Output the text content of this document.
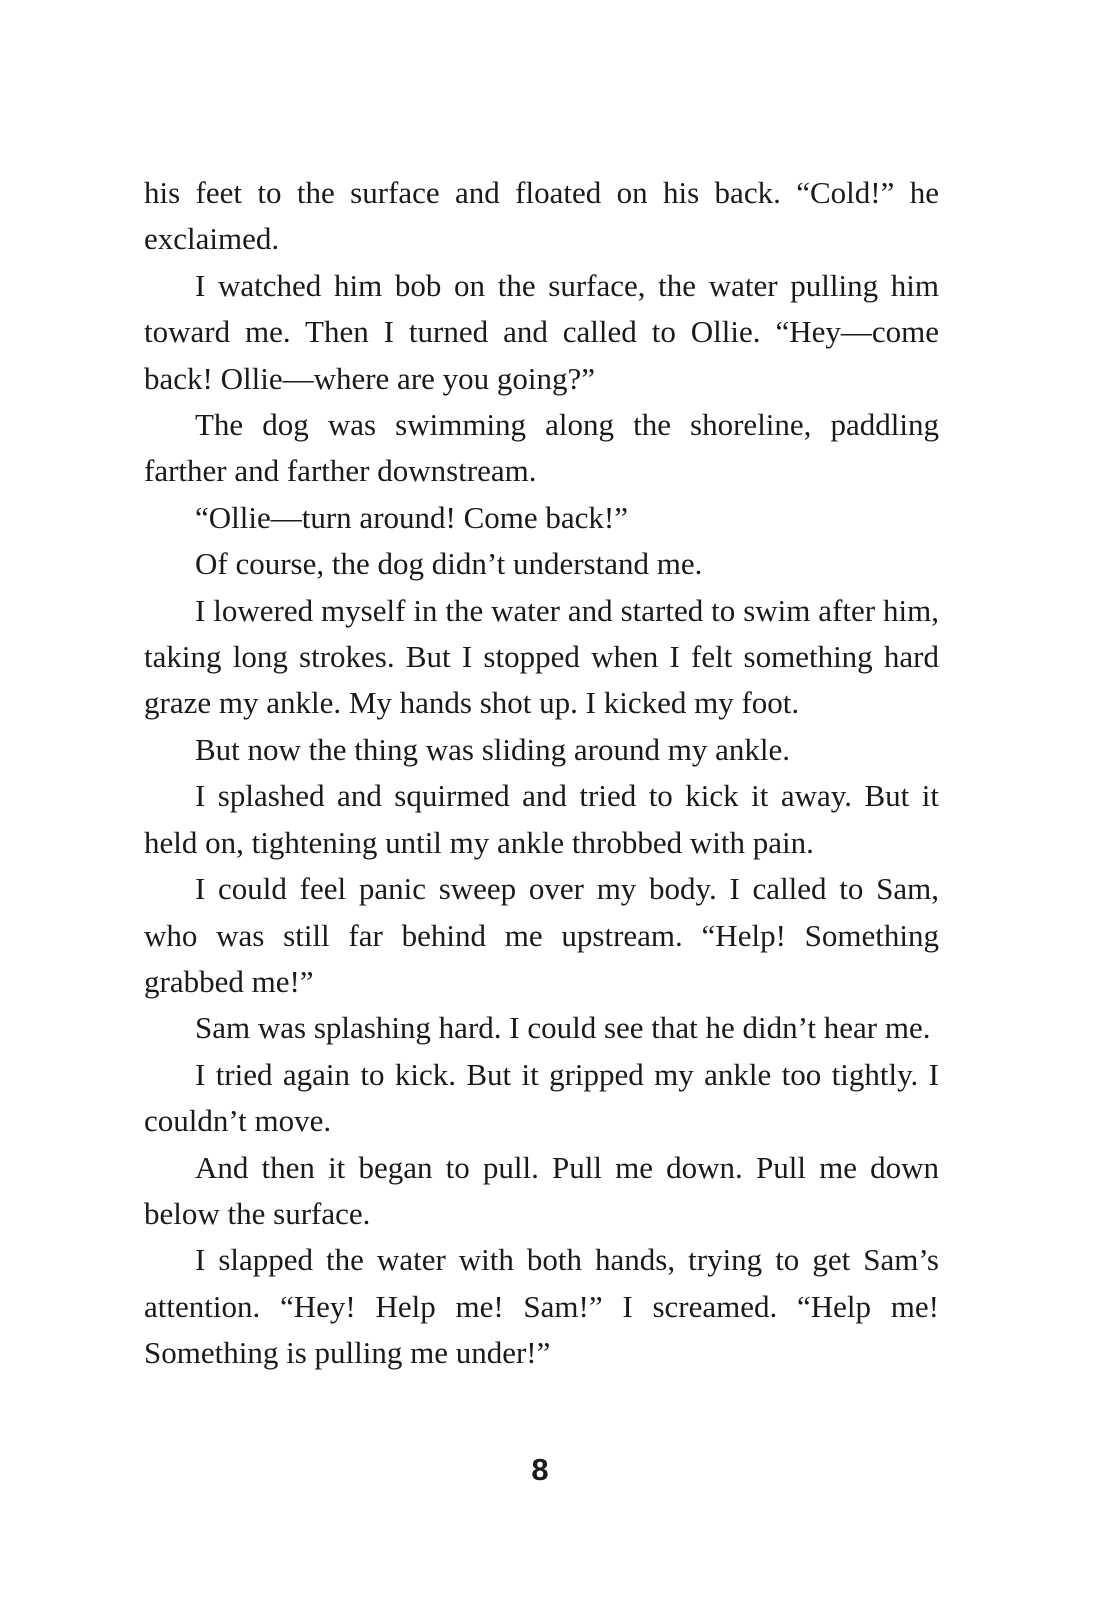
his feet to the surface and floated on his back. “Cold!” he exclaimed.

I watched him bob on the surface, the water pulling him toward me. Then I turned and called to Ollie. “Hey—come back! Ollie—where are you going?”

The dog was swimming along the shoreline, paddling farther and farther downstream.

“Ollie—turn around! Come back!”

Of course, the dog didn’t understand me.

I lowered myself in the water and started to swim after him, taking long strokes. But I stopped when I felt something hard graze my ankle. My hands shot up. I kicked my foot.

But now the thing was sliding around my ankle.

I splashed and squirmed and tried to kick it away. But it held on, tightening until my ankle throbbed with pain.

I could feel panic sweep over my body. I called to Sam, who was still far behind me upstream. “Help! Something grabbed me!”

Sam was splashing hard. I could see that he didn’t hear me.

I tried again to kick. But it gripped my ankle too tightly. I couldn’t move.

And then it began to pull. Pull me down. Pull me down below the surface.

I slapped the water with both hands, trying to get Sam’s attention. “Hey! Help me! Sam!” I screamed. “Help me! Something is pulling me under!”

8
